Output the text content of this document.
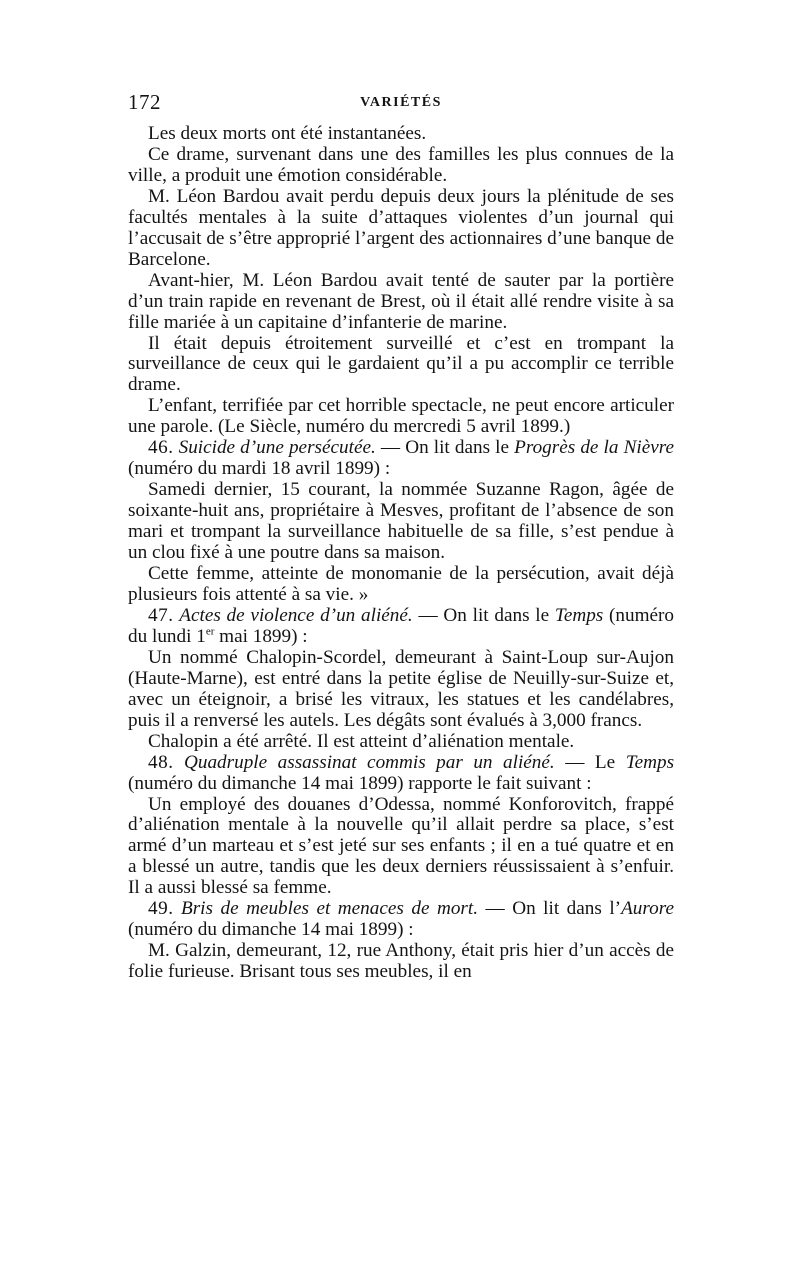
172	VARIÉTÉS

Les deux morts ont été instantanées.

Ce drame, survenant dans une des familles les plus connues de la ville, a produit une émotion considérable.

M. Léon Bardou avait perdu depuis deux jours la plénitude de ses facultés mentales à la suite d’attaques violentes d’un journal qui l’accusait de s’être approprié l’argent des actionnaires d’une banque de Barcelone.

Avant-hier, M. Léon Bardou avait tenté de sauter par la portière d’un train rapide en revenant de Brest, où il était allé rendre visite à sa fille mariée à un capitaine d’infanterie de marine.

Il était depuis étroitement surveillé et c’est en trompant la surveillance de ceux qui le gardaient qu’il a pu accomplir ce terrible drame.

L’enfant, terrifiée par cet horrible spectacle, ne peut encore articuler une parole. (Le Siècle, numéro du mercredi 5 avril 1899.)

46. Suicide d’une persécutée. — On lit dans le Progrès de la Nièvre (numéro du mardi 18 avril 1899) :

Samedi dernier, 15 courant, la nommée Suzanne Ragon, âgée de soixante-huit ans, propriétaire à Mesves, profitant de l’absence de son mari et trompant la surveillance habituelle de sa fille, s’est pendue à un clou fixé à une poutre dans sa maison.

Cette femme, atteinte de monomanie de la persécution, avait déjà plusieurs fois attenté à sa vie. »

47. Actes de violence d’un aliéné. — On lit dans le Temps (numéro du lundi 1er mai 1899) :

Un nommé Chalopin-Scordel, demeurant à Saint-Loup sur-Aujon (Haute-Marne), est entré dans la petite église de Neuilly-sur-Suize et, avec un éteignoir, a brisé les vitraux, les statues et les candélabres, puis il a renversé les autels. Les dégâts sont évalués à 3,000 francs.

Chalopin a été arrêté. Il est atteint d’aliénation mentale.

48. Quadruple assassinat commis par un aliéné. — Le Temps (numéro du dimanche 14 mai 1899) rapporte le fait suivant :

Un employé des douanes d’Odessa, nommé Konforovitch, frappé d’aliénation mentale à la nouvelle qu’il allait perdre sa place, s’est armé d’un marteau et s’est jeté sur ses enfants ; il en a tué quatre et en a blessé un autre, tandis que les deux derniers réussissaient à s’enfuir. Il a aussi blessé sa femme.

49. Bris de meubles et menaces de mort. — On lit dans l’Aurore (numéro du dimanche 14 mai 1899) :

M. Galzin, demeurant, 12, rue Anthony, était pris hier d’un accès de folie furieuse. Brisant tous ses meubles, il en
